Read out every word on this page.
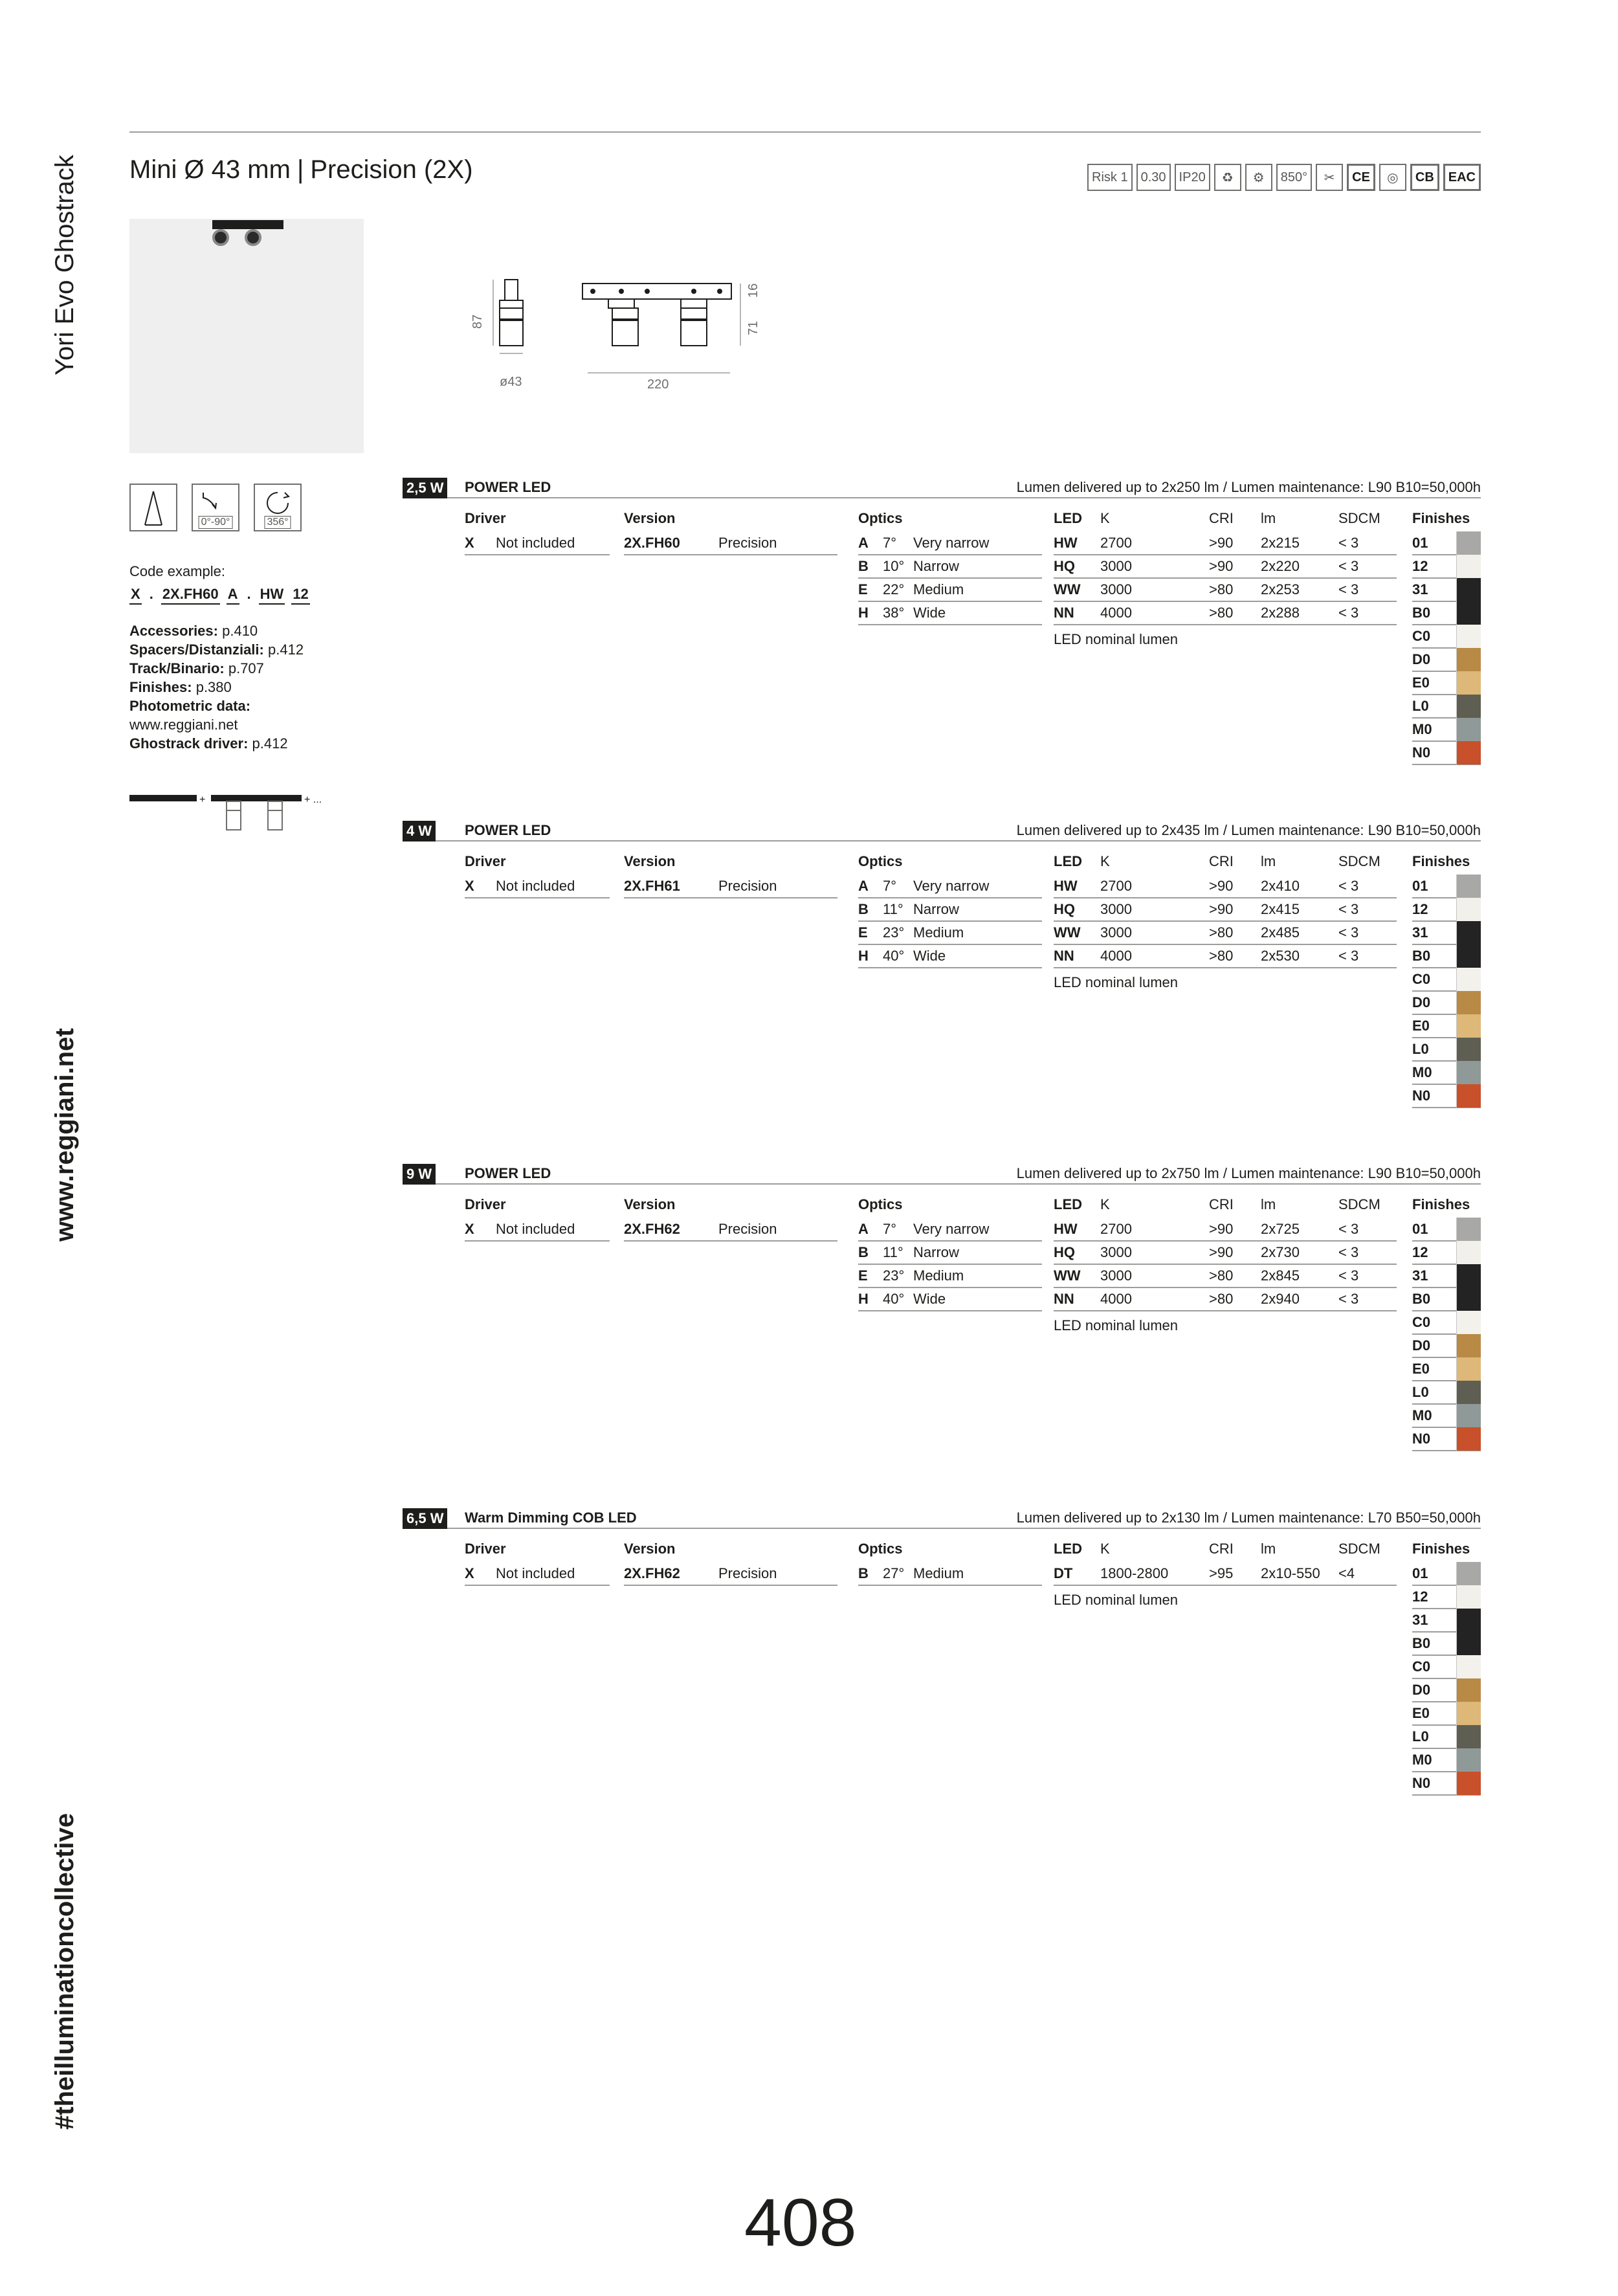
Yori Evo Ghostrack
www.reggiani.net
#theilluminationcollective
Mini Ø 43 mm | Precision (2X)	Risk 1	0.30	IP20	♻	⚙	850°	✂	CE	◎	CB	EAC
87
ø43	220
16
71
0°-90°	356°
Code example:
X . 2X.FH60 A . HW 12
Accessories: p.410
Spacers/Distanziali: p.412
Track/Binario: p.707
Finishes: p.380
Photometric data:
www.reggiani.net
Ghostrack driver: p.412
+	+ ...
2,5 W POWER LED	Lumen delivered up to 2x250 lm / Lumen maintenance: L90 B10=50,000h
Driver
X Not included
Version
2X.FH60	Precision
Optics
A 7° Very narrow
B 10° Narrow
E 22° Medium
H 38° Wide
LED K	CRI lm	SDCM
HW 2700	>90 2x215	< 3
HQ 3000	>90 2x220	< 3
WW 3000	>80 2x253	< 3
NN 4000	>80 2x288	< 3
LED nominal lumen
Finishes
01
12
31
B0
C0
D0
E0
L0
M0
N0
4 W POWER LED	Lumen delivered up to 2x435 lm / Lumen maintenance: L90 B10=50,000h
Driver
X Not included
Version
2X.FH61	Precision
Optics
A 7° Very narrow
B 11° Narrow
E 23° Medium
H 40° Wide
LED K	CRI lm	SDCM
HW 2700	>90 2x410	< 3
HQ 3000	>90 2x415	< 3
WW 3000	>80 2x485	< 3
NN 4000	>80 2x530	< 3
LED nominal lumen
Finishes
01
12
31
B0
C0
D0
E0
L0
M0
N0
9 W POWER LED	Lumen delivered up to 2x750 lm / Lumen maintenance: L90 B10=50,000h
Driver
X Not included
Version
2X.FH62	Precision
Optics
A 7° Very narrow
B 11° Narrow
E 23° Medium
H 40° Wide
LED K	CRI lm	SDCM
HW 2700	>90 2x725	< 3
HQ 3000	>90 2x730	< 3
WW 3000	>80 2x845	< 3
NN 4000	>80 2x940	< 3
LED nominal lumen
Finishes
01
12
31
B0
C0
D0
E0
L0
M0
N0
6,5 W Warm Dimming COB LED	Lumen delivered up to 2x130 lm / Lumen maintenance: L70 B50=50,000h
Driver
X Not included
Version
2X.FH62	Precision
Optics
B 27° Medium
LED K	CRI lm	SDCM
DT 1800-2800	>95 2x10-550 <4
LED nominal lumen
Finishes
01
12
31
B0
C0
D0
E0
L0
M0
N0
408
